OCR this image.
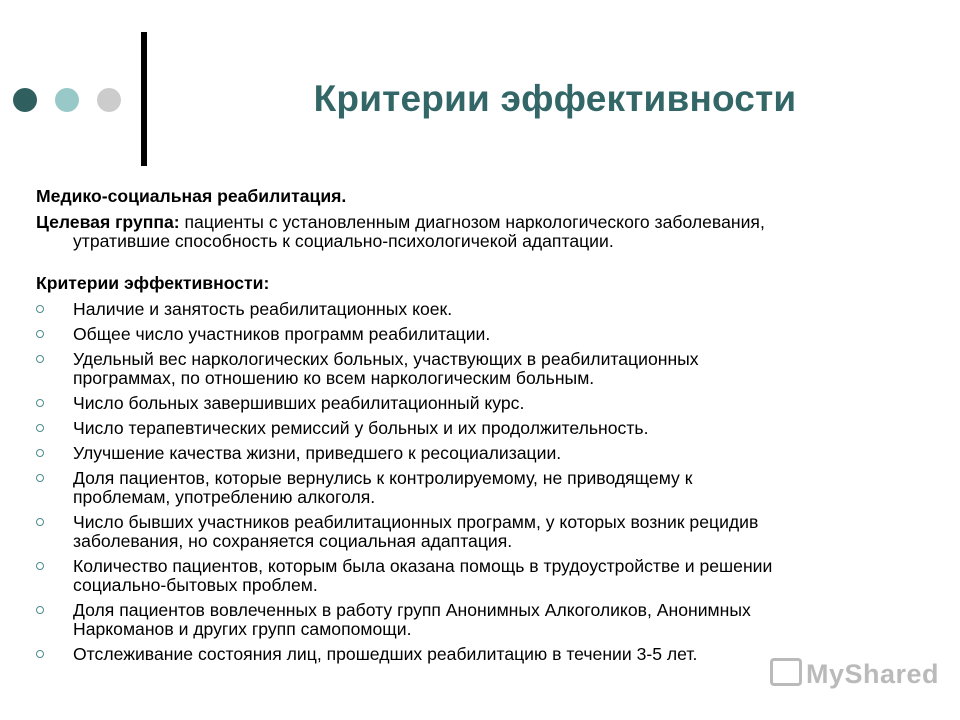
Критерии эффективности
Медико-социальная реабилитация.
Целевая группа: пациенты с установленным диагнозом наркологического заболевания,
утратившие способность к социально-психологичекой адаптации.
Критерии эффективности:
Наличие и занятость реабилитационных коек.
Общее число участников программ реабилитации.
Удельный вес наркологических больных, участвующих в реабилитационных
программах, по отношению ко всем наркологическим больным.
Число больных завершивших реабилитационный курс.
Число терапевтических ремиссий у больных и их продолжительность.
Улучшение качества жизни, приведшего к ресоциализации.
Доля пациентов, которые вернулись к контролируемому, не приводящему к
проблемам, употреблению алкоголя.
Число бывших участников реабилитационных программ, у которых возник рецидив
заболевания, но сохраняется социальная адаптация.
Количество пациентов, которым была оказана помощь в трудоустройстве и решении
социально-бытовых проблем.
Доля пациентов вовлеченных в работу групп Анонимных Алкоголиков, Анонимных
Наркоманов и других групп самопомощи.
Отслеживание состояния лиц, прошедших реабилитацию в течении 3-5 лет.
MyShared
